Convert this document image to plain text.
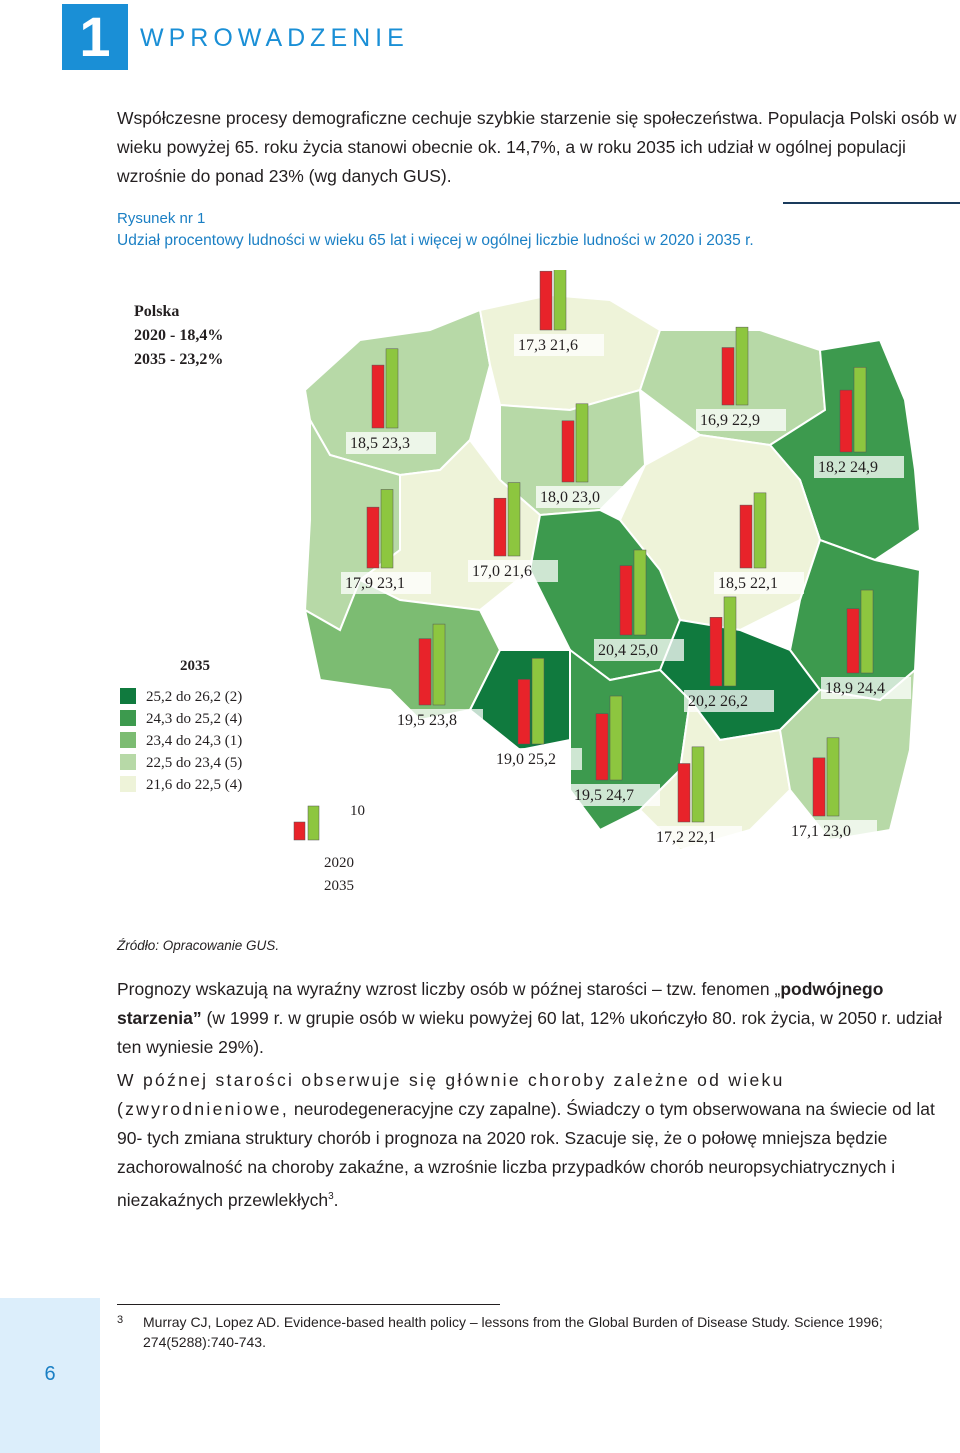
1	WPROWADZENIE

Współczesne procesy demograficzne cechuje szybkie starzenie się społeczeństwa. Populacja Polski osób w wieku powyżej 65. roku życia stanowi obecnie ok. 14,7%, a w roku 2035 ich udział w ogólnej populacji wzrośnie do ponad 23% (wg danych GUS).

Rysunek nr 1
Udział procentowy ludności w wieku 65 lat i więcej w ogólnej liczbie ludności w 2020 i 2035 r.
Polska
2020 - 18,4%
2035 - 23,2%
17,3 21,6
18,5 23,3
16,9 22,9
18,2 24,9
18,0 23,0
17,9 23,1
17,0 21,6
18,5 22,1
20,4 25,0
20,2 26,2
18,9 24,4
19,5 23,8
19,0 25,2
19,5 24,7
17,2 22,1	17,1 23,0
2035
25,2 do 26,2 (2)
24,3 do 25,2 (4)
23,4 do 24,3 (1)
22,5 do 23,4 (5)
21,6 do 22,5 (4)
10
2020
2035
Źródło: Opracowanie GUS.

Prognozy wskazują na wyraźny wzrost liczby osób w późnej starości – tzw. fenomen „podwójnego starzenia” (w 1999 r. w grupie osób w wieku powyżej 60 lat, 12% ukończyło 80. rok życia, w 2050 r. udział ten wyniesie 29%).

W późnej starości obserwuje się głównie choroby zależne od wieku (zwyrodnieniowe, neurodegeneracyjne czy zapalne). Świadczy o tym obserwowana na świecie od lat 90- tych zmiana struktury chorób i prognoza na 2020 rok. Szacuje się, że o połowę mniejsza będzie zachorowalność na choroby zakaźne, a wzrośnie liczba przypadków chorób neuropsychiatrycznych i niezakaźnych przewlekłych$^3$.

6
3 Murray CJ, Lopez AD. Evidence-based health policy – lessons from the Global Burden of Disease Study. Science 1996; 274(5288):740-743.
